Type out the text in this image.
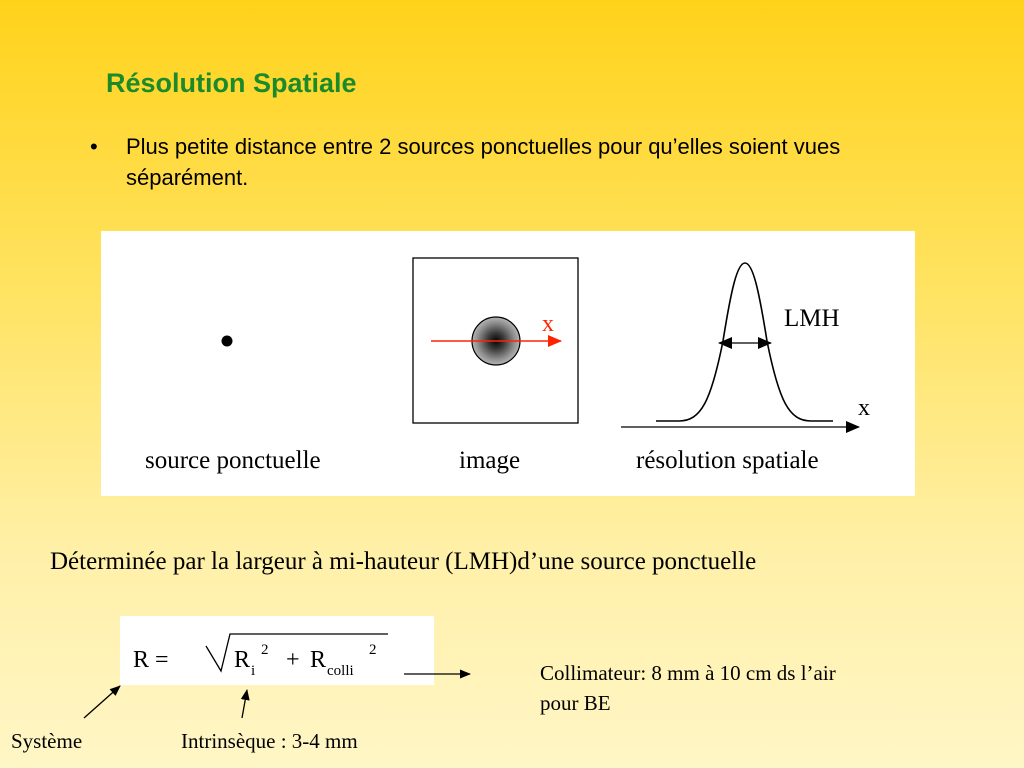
Résolution Spatiale
• Plus petite distance entre 2 sources ponctuelles pour qu’elles soient vues séparément.
x
x
LMH
source ponctuelle	image	résolution spatiale
Déterminée par la largeur à mi-hauteur (LMH)d’une source ponctuelle
R =	R i
2 + R colli
2
Collimateur: 8 mm à 10 cm ds l’air
pour BE
Système	Intrinsèque : 3-4 mm
